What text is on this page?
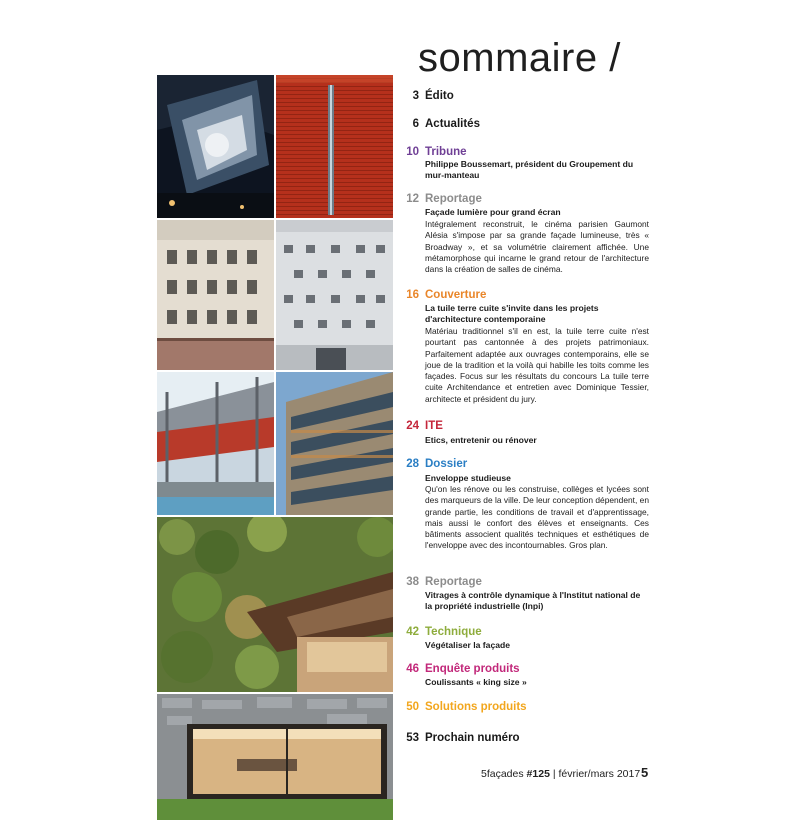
sommaire /
3 Édito
6 Actualités
10 Tribune
Philippe Boussemart, président du Groupement du mur-manteau
12 Reportage
Façade lumière pour grand écran
Intégralement reconstruit, le cinéma parisien Gaumont Alésia s'impose par sa grande façade lumineuse, très « Broadway », et sa volumétrie clairement affichée. Une métamorphose qui incarne le grand retour de l'architecture dans la création de salles de cinéma.
16 Couverture
La tuile terre cuite s'invite dans les projets d'architecture contemporaine
Matériau traditionnel s'il en est, la tuile terre cuite n'est pourtant pas cantonnée à des projets patrimoniaux. Parfaitement adaptée aux ouvrages contemporains, elle se joue de la tradition et la voilà qui habille les toits comme les façades. Focus sur les résultats du concours La tuile terre cuite Architendance et entretien avec Dominique Tessier, architecte et président du jury.
24 ITE
Etics, entretenir ou rénover
28 Dossier
Enveloppe studieuse
Qu'on les rénove ou les construise, collèges et lycées sont des marqueurs de la ville. De leur conception dépendent, en grande partie, les conditions de travail et d'apprentissage, mais aussi le confort des élèves et enseignants. Ces bâtiments associent qualités techniques et esthétiques de l'enveloppe avec des incontournables. Gros plan.
38 Reportage
Vitrages à contrôle dynamique à l'Institut national de la propriété industrielle (Inpi)
42 Technique
Végétaliser la façade
46 Enquête produits
Coulissants « king size »
50 Solutions produits
53 Prochain numéro
5façades #125 | février/mars 2017 5
